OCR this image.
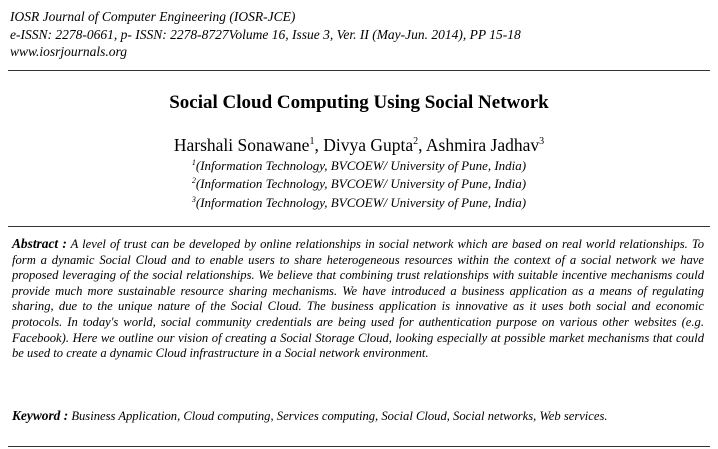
IOSR Journal of Computer Engineering (IOSR-JCE)
e-ISSN: 2278-0661, p- ISSN: 2278-8727Volume 16, Issue 3, Ver. II (May-Jun. 2014), PP 15-18
www.iosrjournals.org
Social Cloud Computing Using Social Network
Harshali Sonawane$^1$, Divya Gupta$^2$, Ashmira Jadhav$^3$
$^1$(Information Technology, BVCOEW/ University of Pune, India)
$^2$(Information Technology, BVCOEW/ University of Pune, India)
$^3$(Information Technology, BVCOEW/ University of Pune, India)

Abstract : A level of trust can be developed by online relationships in social network which are based on real world relationships. To form a dynamic Social Cloud and to enable users to share heterogeneous resources within the context of a social network we have proposed leveraging of the social relationships. We believe that combining trust relationships with suitable incentive mechanisms could provide much more sustainable resource sharing mechanisms. We have introduced a business application as a means of regulating sharing, due to the unique nature of the Social Cloud. The business application is innovative as it uses both social and economic protocols. In today's world, social community credentials are being used for authentication purpose on various other websites (e.g. Facebook). Here we outline our vision of creating a Social Storage Cloud, looking especially at possible market mechanisms that could be used to create a dynamic Cloud infrastructure in a Social network environment.

Keyword : Business Application, Cloud computing, Services computing, Social Cloud, Social networks, Web services.
